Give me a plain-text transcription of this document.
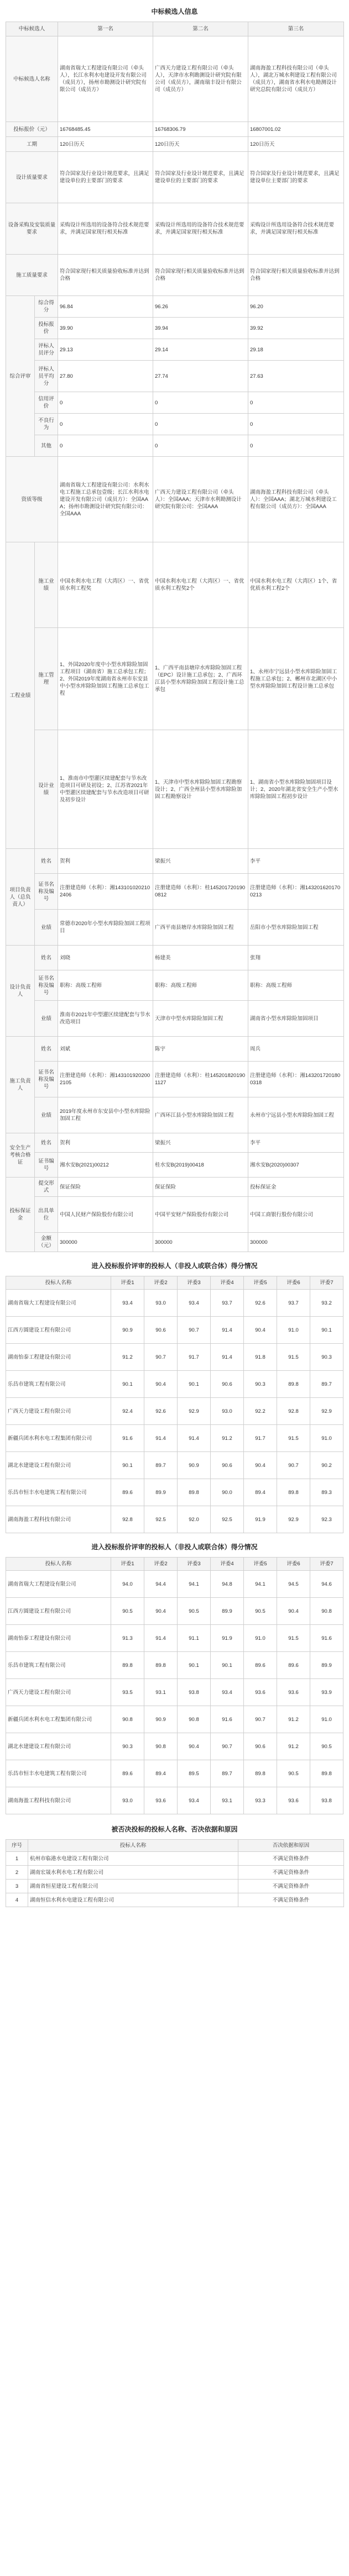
中标候选人信息
中标候选人		第一名	第二名	第三名
中标候选人名称		湖南省瑞大工程建设有限公司（牵头人），长江水利水电建设开发有限公司（成员方），扬州市勘测设计研究院有限公司（成员方）	广西天力建设工程有限公司（牵头人），天津市水利勘测设计研究院有限公司（成员方），湖南瑞丰设计有限公司（成员方）	湖南海盈工程科技有限公司（牵头人），湖北万城水利建设工程有限公司（成员方），湖南省水利水电勘测设计研究总院有限公司（成员方）
投标报价（元）		16768485.45	16768306.79	16807001.02
工期		120日历天	120日历天	120日历天
设计质量要求		符合国家及行业设计规范要求，且满足建设单位的主要部门的要求	符合国家及行业设计规范要求，且满足建设单位的主要部门的要求	符合国家及行业设计规范要求，且满足建设单位主要部门的要求
设备采购及安装质量要求		采购设计所选用的设备符合技术规范要求，并满足国家现行相关标准	采购设计所选用的设备符合技术规范要求，并满足国家现行相关标准	采购设计所选用设备符合技术规范要求，并满足国家现行相关标准
施工质量要求		符合国家现行相关质量验收标准并达到合格	符合国家现行相关质量验收标准并达到合格	符合国家现行相关质量验收标准并达到合格
综合评审	综合得分	96.84	96.26	96.20
	投标报价	39.90	39.94	39.92
	评标人员评分	29.13	29.14	29.18
	评标人员平均分	27.80	27.74	27.63
	信用评价	0	0	0
	不良行为	0	0	0
	其他	0	0	0
资质等级		湖南省瑞大工程建设有限公司：水利水电工程施工总承包壹级；长江水利水电建设开发有限公司（成员方）：全国AAA；扬州市勘测设计研究院有限公司：全国AAA	广西天力建设工程有限公司（牵头人）：全国AAA；天津市水利勘测设计研究院有限公司：全国AAA	湖南海盈工程科技有限公司（牵头人）：全国AAA；湖北万城水利建设工程有限公司（成员方）：全国AAA
工程业绩	施工业绩	中国水利水电工程（大湾区）一、省优质水利工程奖	中国水利水电工程（大湾区）一、省优质水利工程奖2个	中国水利水电工程（大湾区）1个、省优质水利工程2个
	施工管理	1、外国2020年度中小型水库除险加固工程项目（湖南省）施工总承包工程；2、外国2019年度湖南省永州市东安县中小型水库除险加固工程施工总承包工程	1、广西平南县塘岸水库除险加固工程（EPC）设计施工总承包；2、广西环江县小型水库除险加固工程设计施工总承包	1、永州市宁远县小型水库除险加固工程施工总承包；2、郴州市北湖区中小型水库除险加固工程设计施工总承包
	设计业绩	1、淮南市中型灌区续建配套与节水改造项目可研及初设；2、江苏省2021年中型灌区续建配套与节水改造项目可研及初步设计	1、天津市中型水库除险加固工程勘察设计；2、广西全州县小型水库除险加固工程勘察设计	1、湖南省小型水库除险加固项目设计；2、2020年湖北省安全生产小型水库除险加固工程初步设计
项目负责人（总负责人）	姓名	贺利	梁振兴	李平
	证书名称及编号	注册建造师（水利）：湘1431010202102406	注册建造师（水利）：桂1452017201900812	注册建造师（水利）：湘1432016201700213
	业绩	常德市2020年小型水库除险加固工程项目	广西平南县塘岸水库除险加固工程	岳阳市小型水库除险加固工程
设计负责人	姓名	刘晓	杨建美	张翔
	证书名称及编号	职称：高级工程师	职称：高级工程师	职称：高级工程师
	业绩	淮南市2021年中型灌区续建配套与节水改造项目	天津市中型水库除险加固工程	湖南省小型水库除险加固项目
施工负责人	姓名	刘斌	陈宇	周兵
	证书名称及编号	注册建造师（水利）：湘1431019202002105	注册建造师（水利）：桂1452018201901127	注册建造师（水利）：湘1432017201800318
	业绩	2019年度永州市东安县中小型水库除险加固工程	广西环江县小型水库除险加固工程	永州市宁远县小型水库除险加固工程
安全生产考核合格证	姓名	贺利	梁振兴	李平
	证书编号	湘水安B(2021)00212	桂水安B(2019)00418	湘水安B(2020)00307
投标保证金	提交形式	保证保险	保证保险	投标保证金
	出具单位	中国人民财产保险股份有限公司	中国平安财产保险股份有限公司	中国工商银行股份有限公司
	金额（元）	300000	300000	300000
进入投标报价评审的投标人（非投人或联合体）得分情况
投标人名称	评委1	评委2	评委3	评委4	评委5	评委6	评委7
湖南省瑞大工程建设有限公司	93.4	93.0	93.4	93.7	92.6	93.7	93.2
江西方圆建设工程有限公司	90.9	90.6	90.7	91.4	90.4	91.0	90.1
湖南怡泰工程建设有限公司	91.2	90.7	91.7	91.4	91.8	91.5	90.3
乐昌市建筑工程有限公司	90.1	90.4	90.1	90.6	90.3	89.8	89.7
广西天力建设工程有限公司	92.4	92.6	92.9	93.0	92.2	92.8	92.9
新疆兵团水利水电工程集团有限公司	91.6	91.4	91.4	91.2	91.7	91.5	91.0
湖北水建建设工程有限公司	90.1	89.7	90.9	90.6	90.4	90.7	90.2
乐昌市恒丰水电建筑工程有限公司	89.6	89.9	89.8	90.0	89.4	89.8	89.3
湖南海盈工程科技有限公司	92.8	92.5	92.0	92.5	91.9	92.9	92.3
进入投标报价评审的投标人（非投人或联合体）得分情况
投标人名称	评委1	评委2	评委3	评委4	评委5	评委6	评委7
湖南省瑞大工程建设有限公司	94.0	94.4	94.1	94.8	94.1	94.5	94.6
江西方圆建设工程有限公司	90.5	90.4	90.5	89.9	90.5	90.4	90.8
湖南怡泰工程建设有限公司	91.3	91.4	91.1	91.9	91.0	91.5	91.6
乐昌市建筑工程有限公司	89.8	89.8	90.1	90.1	89.6	89.6	89.9
广西天力建设工程有限公司	93.5	93.1	93.8	93.4	93.6	93.6	93.9
新疆兵团水利水电工程集团有限公司	90.8	90.9	90.8	91.6	90.7	91.2	91.0
湖北水建建设工程有限公司	90.3	90.8	90.4	90.7	90.6	91.2	90.5
乐昌市恒丰水电建筑工程有限公司	89.6	89.4	89.5	89.7	89.8	90.5	89.8
湖南海盈工程科技有限公司	93.0	93.6	93.4	93.1	93.3	93.6	93.8
被否决投标的投标人名称、否决依据和原因
序号	投标人名称	否决依据和原因
1	杭州市临港水电建设工程有限公司	不满足资格条件
2	湖南宏晟水利水电工程有限公司	不满足资格条件
3	湖南省恒星建设工程有限公司	不满足资格条件
4	湖南恒信水利水电建设工程有限公司	不满足资格条件
